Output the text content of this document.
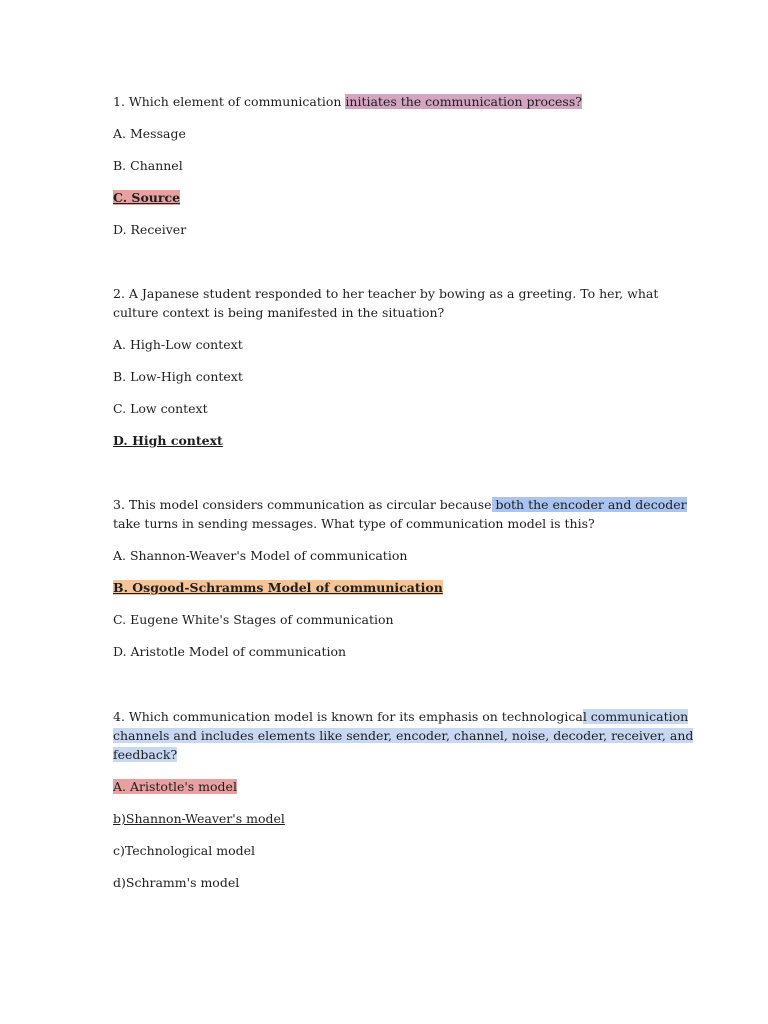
1. Which element of communication initiates the communication process?
A. Message
B. Channel
C. Source
D. Receiver
2. A Japanese student responded to her teacher by bowing as a greeting. To her, what
culture context is being manifested in the situation?
A. High-Low context
B. Low-High context
C. Low context
D. High context
3. This model considers communication as circular because both the encoder and decoder
take turns in sending messages. What type of communication model is this?
A. Shannon-Weaver's Model of communication
B. Osgood-Schramms Model of communication
C. Eugene White's Stages of communication
D. Aristotle Model of communication
4. Which communication model is known for its emphasis on technological communication
channels and includes elements like sender, encoder, channel, noise, decoder, receiver, and
feedback?
A. Aristotle's model
b)Shannon-Weaver's model
c)Technological model
d)Schramm's model
